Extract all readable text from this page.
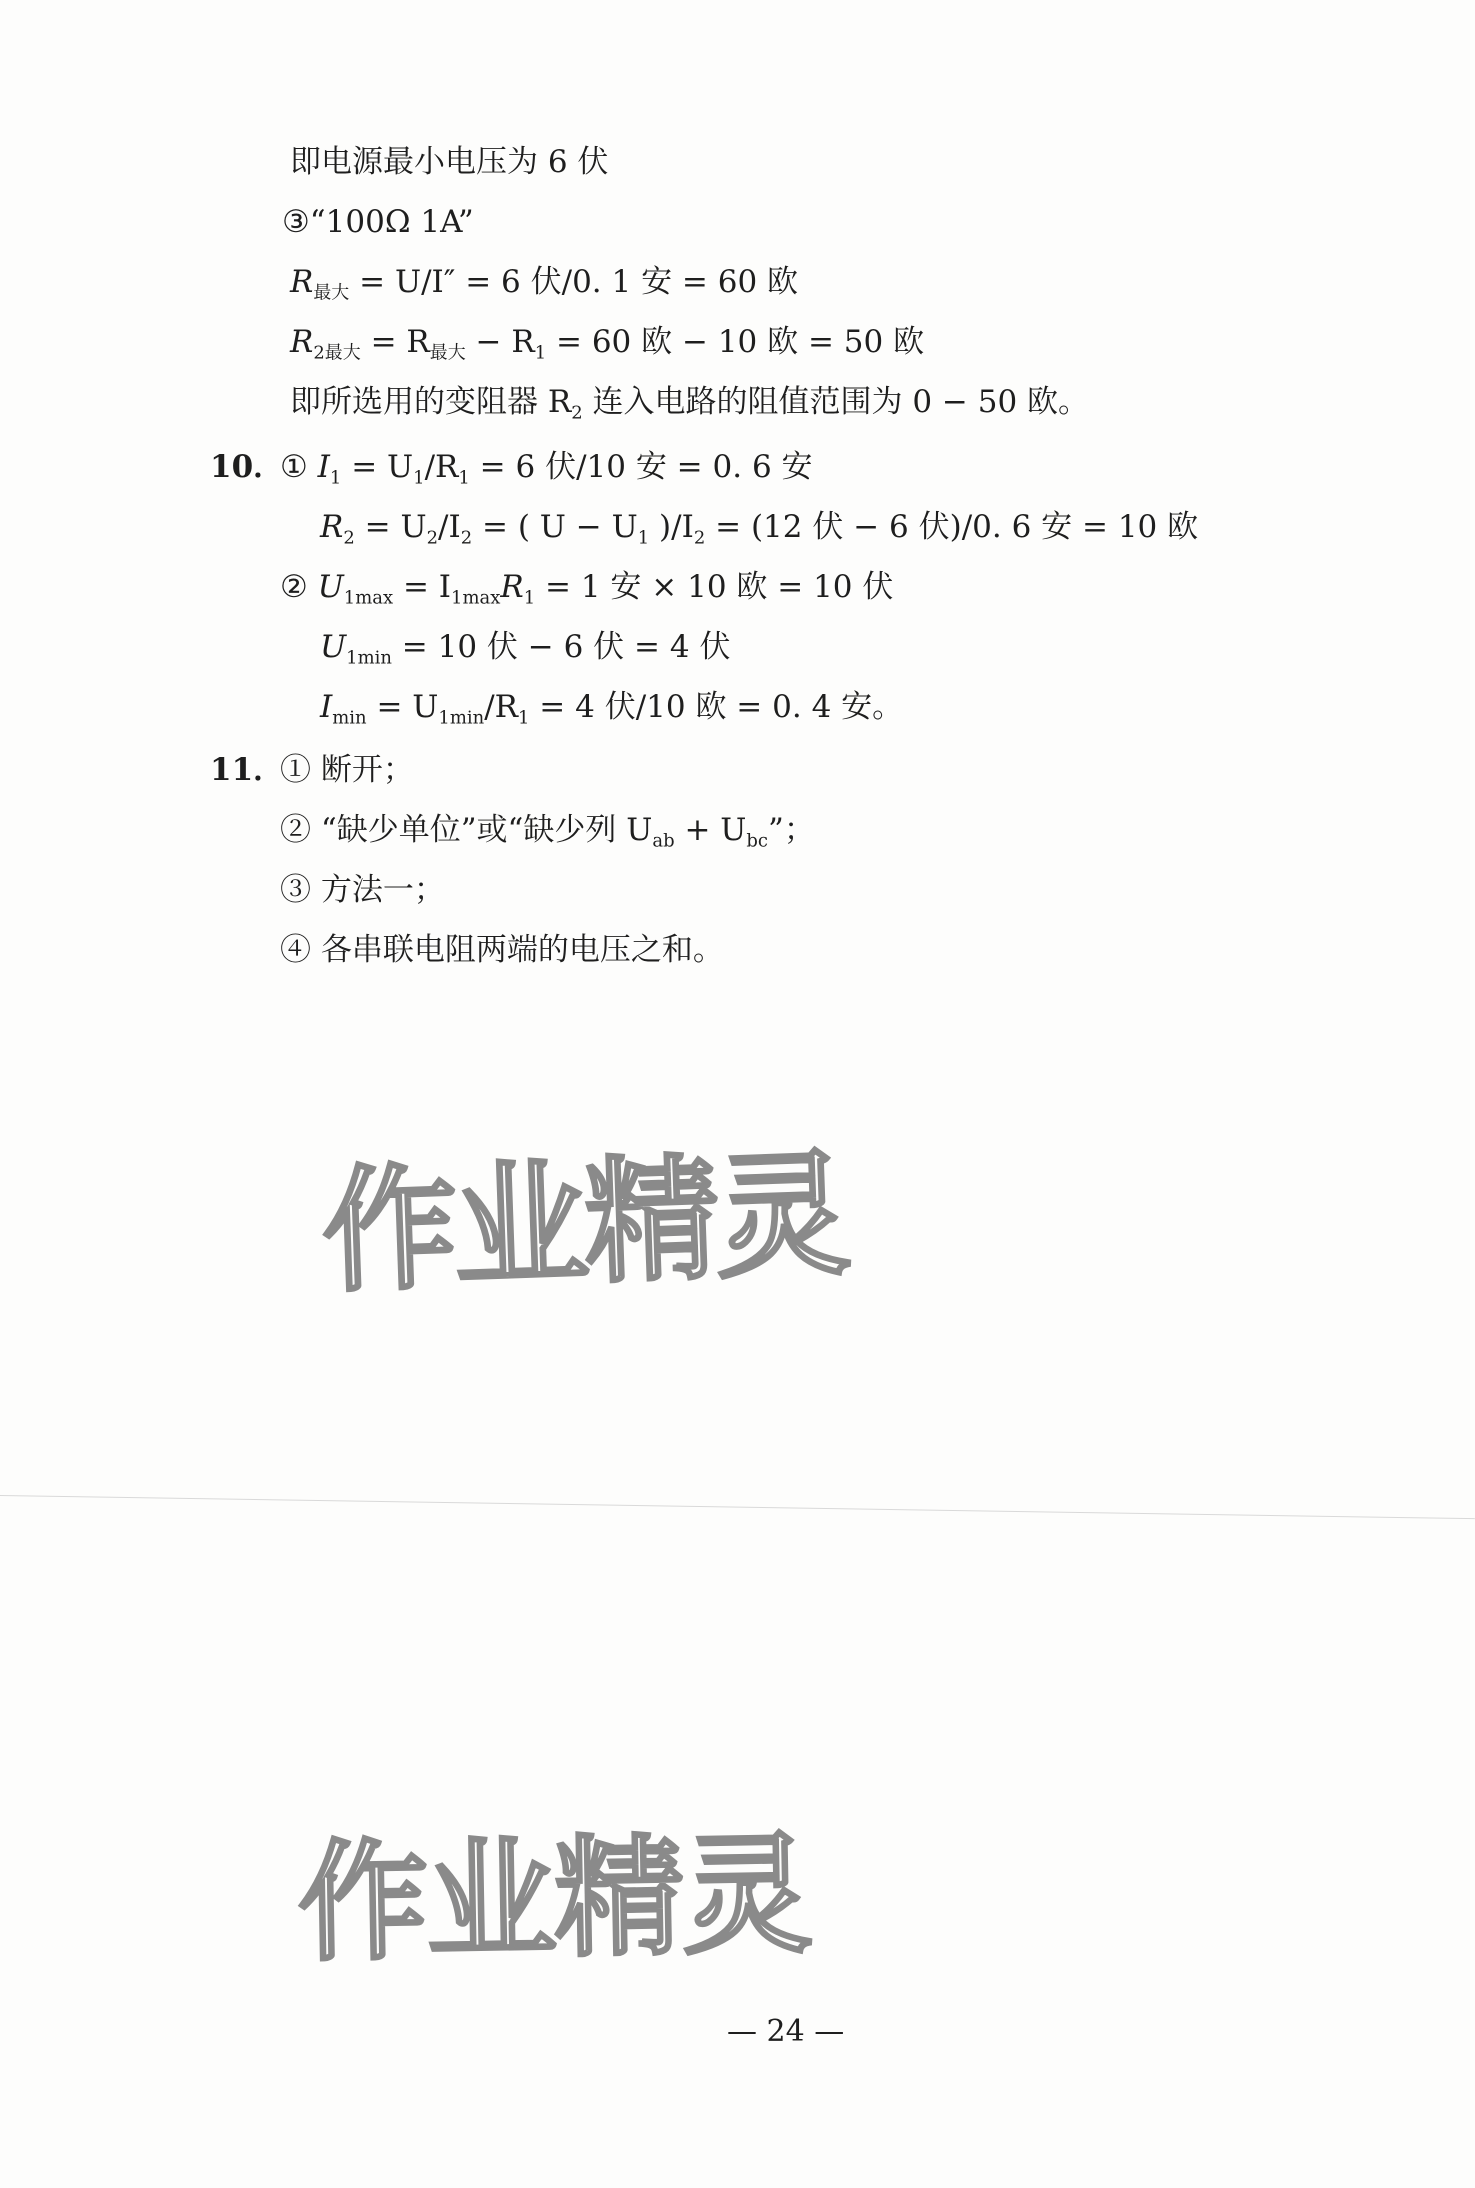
即电源最小电压为 6 伏
③“100Ω 1A”
$R_{最大} = U/I'' = 6$ 伏/0. 1 安 = 60 欧
$R_{2最大} = R_{最大} - R_1 = 60$ 欧 − 10 欧 = 50 欧
即所选用的变阻器 $R_2$ 连入电路的阻值范围为 0 − 50 欧。
10．
① $I_1 = U_1/R_1 = 6$ 伏/10 安 = 0. 6 安
$R_2 = U_2/I_2$ = ( $U - U_1$ )$/I_2 = (12$ 伏 − 6 伏)/0. 6 安 = 10 欧
② $U_{1max} = I_{1max}R_1 = 1$ 安 × 10 欧 = 10 伏
$U_{1min} = 10$ 伏 − 6 伏 = 4 伏
$I_{min} = U_{1min}/R_1 = 4$ 伏/10 欧 = 0. 4 安。
11．
① 断开；
② “缺少单位”或“缺少列 $U_{ab} + U_{bc}$”；
③ 方法一；
④ 各串联电阻两端的电压之和。
作业精灵
作业精灵
— 24 —
